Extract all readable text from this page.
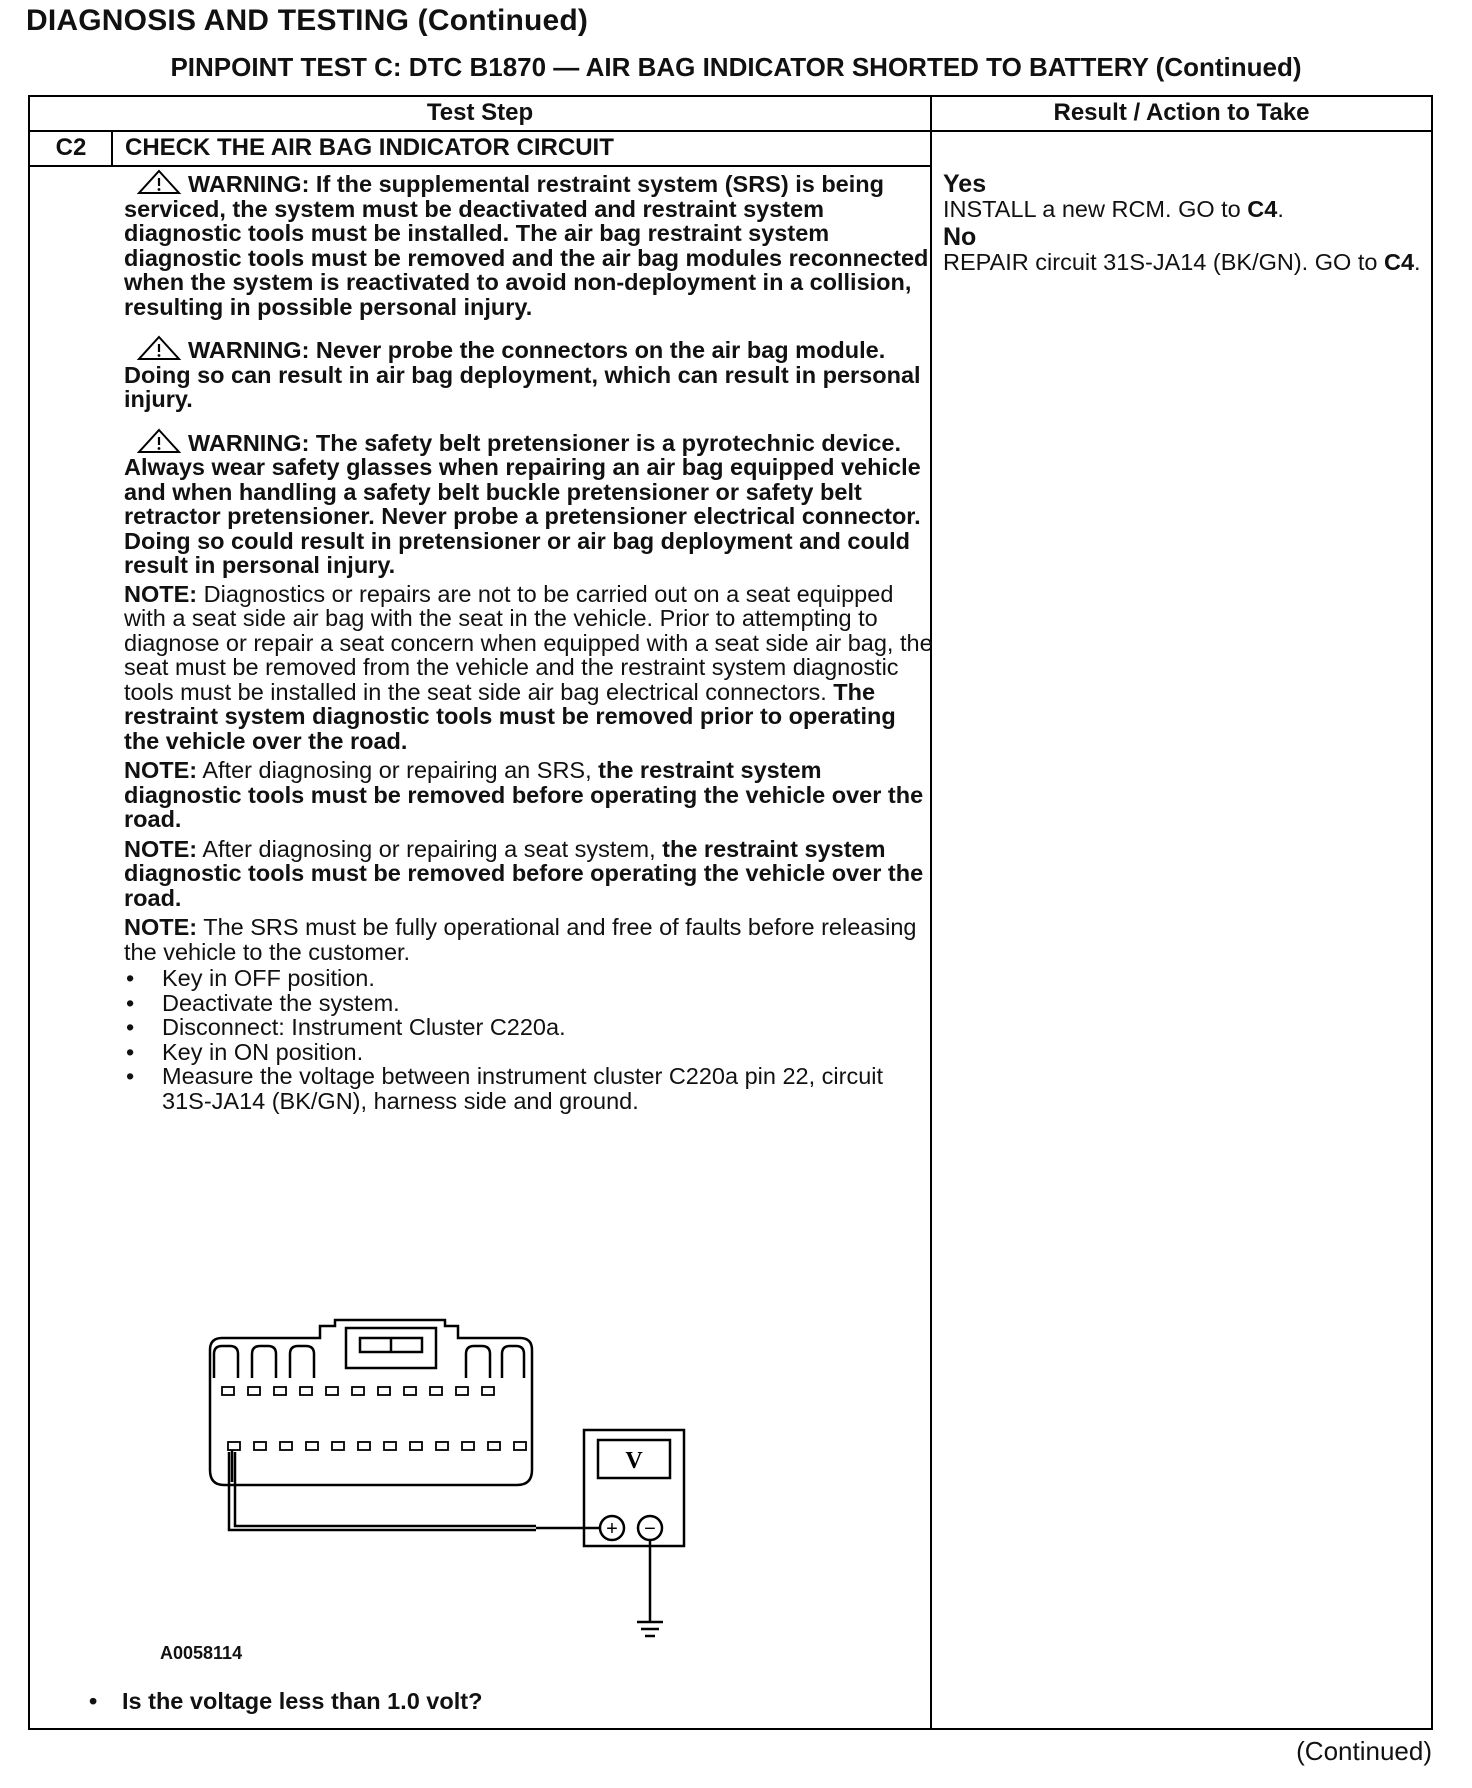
DIAGNOSIS AND TESTING (Continued)
PINPOINT TEST C: DTC B1870 — AIR BAG INDICATOR SHORTED TO BATTERY (Continued)
Test Step	Result / Action to Take
C2	CHECK THE AIR BAG INDICATOR CIRCUIT
WARNING: If the supplemental restraint system (SRS) is being serviced, the system must be deactivated and restraint system diagnostic tools must be installed. The air bag restraint system diagnostic tools must be removed and the air bag modules reconnected when the system is reactivated to avoid non-deployment in a collision, resulting in possible personal injury.
WARNING: Never probe the connectors on the air bag module. Doing so can result in air bag deployment, which can result in personal injury.
WARNING: The safety belt pretensioner is a pyrotechnic device. Always wear safety glasses when repairing an air bag equipped vehicle and when handling a safety belt buckle pretensioner or safety belt retractor pretensioner. Never probe a pretensioner electrical connector. Doing so could result in pretensioner or air bag deployment and could result in personal injury.
NOTE: Diagnostics or repairs are not to be carried out on a seat equipped with a seat side air bag with the seat in the vehicle. Prior to attempting to diagnose or repair a seat concern when equipped with a seat side air bag, the seat must be removed from the vehicle and the restraint system diagnostic tools must be installed in the seat side air bag electrical connectors. The restraint system diagnostic tools must be removed prior to operating the vehicle over the road.
NOTE: After diagnosing or repairing an SRS, the restraint system diagnostic tools must be removed before operating the vehicle over the road.
NOTE: After diagnosing or repairing a seat system, the restraint system diagnostic tools must be removed before operating the vehicle over the road.
NOTE: The SRS must be fully operational and free of faults before releasing the vehicle to the customer.
• Key in OFF position.
• Deactivate the system.
• Disconnect: Instrument Cluster C220a.
• Key in ON position.
• Measure the voltage between instrument cluster C220a pin 22, circuit 31S-JA14 (BK/GN), harness side and ground.
Yes
INSTALL a new RCM. GO to C4.
No
REPAIR circuit 31S-JA14 (BK/GN). GO to C4.
V
+ −
A0058114
• Is the voltage less than 1.0 volt?
(Continued)
